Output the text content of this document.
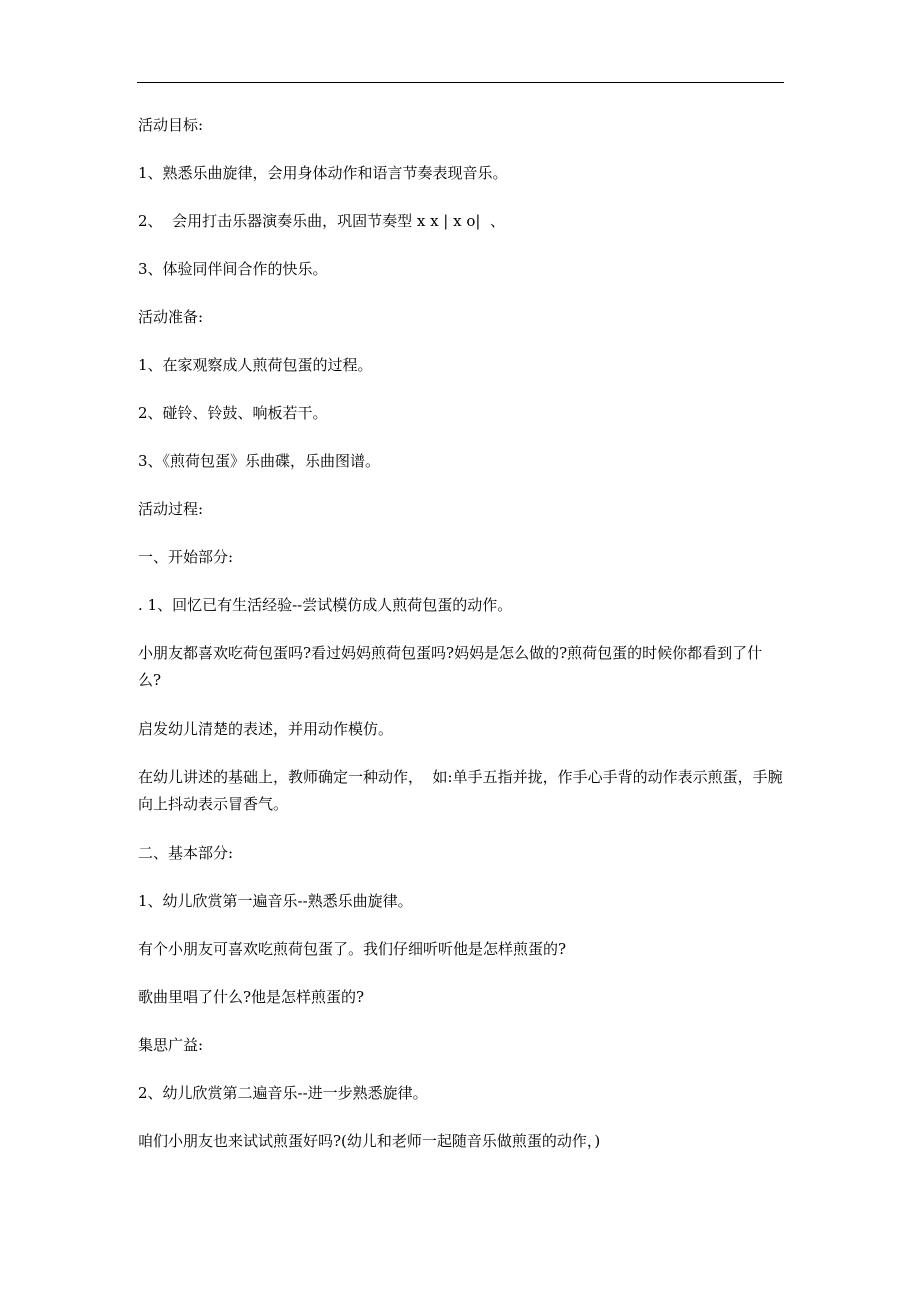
活动目标:

1、熟悉乐曲旋律，会用身体动作和语言节奏表现音乐。

2、  会用打击乐器演奏乐曲，巩固节奏型 x x | x o|  、

3、体验同伴间合作的快乐。

活动准备:

1、在家观察成人煎荷包蛋的过程。

2、碰铃、铃鼓、响板若干。

3、《煎荷包蛋》乐曲碟，乐曲图谱。

活动过程:

一、开始部分:

. 1、回忆已有生活经验--尝试模仿成人煎荷包蛋的动作。

小朋友都喜欢吃荷包蛋吗?看过妈妈煎荷包蛋吗?妈妈是怎么做的?煎荷包蛋的时候你都看到了什么?

启发幼儿清楚的表述，并用动作模仿。

在幼儿讲述的基础上，教师确定一种动作，  如:单手五指并拢，作手心手背的动作表示煎蛋，手腕向上抖动表示冒香气。

二、基本部分:

1、幼儿欣赏第一遍音乐--熟悉乐曲旋律。

有个小朋友可喜欢吃煎荷包蛋了。我们仔细听听他是怎样煎蛋的?

歌曲里唱了什么?他是怎样煎蛋的?

集思广益:

2、幼儿欣赏第二遍音乐--进一步熟悉旋律。

咱们小朋友也来试试煎蛋好吗?(幼儿和老师一起随音乐做煎蛋的动作，)
